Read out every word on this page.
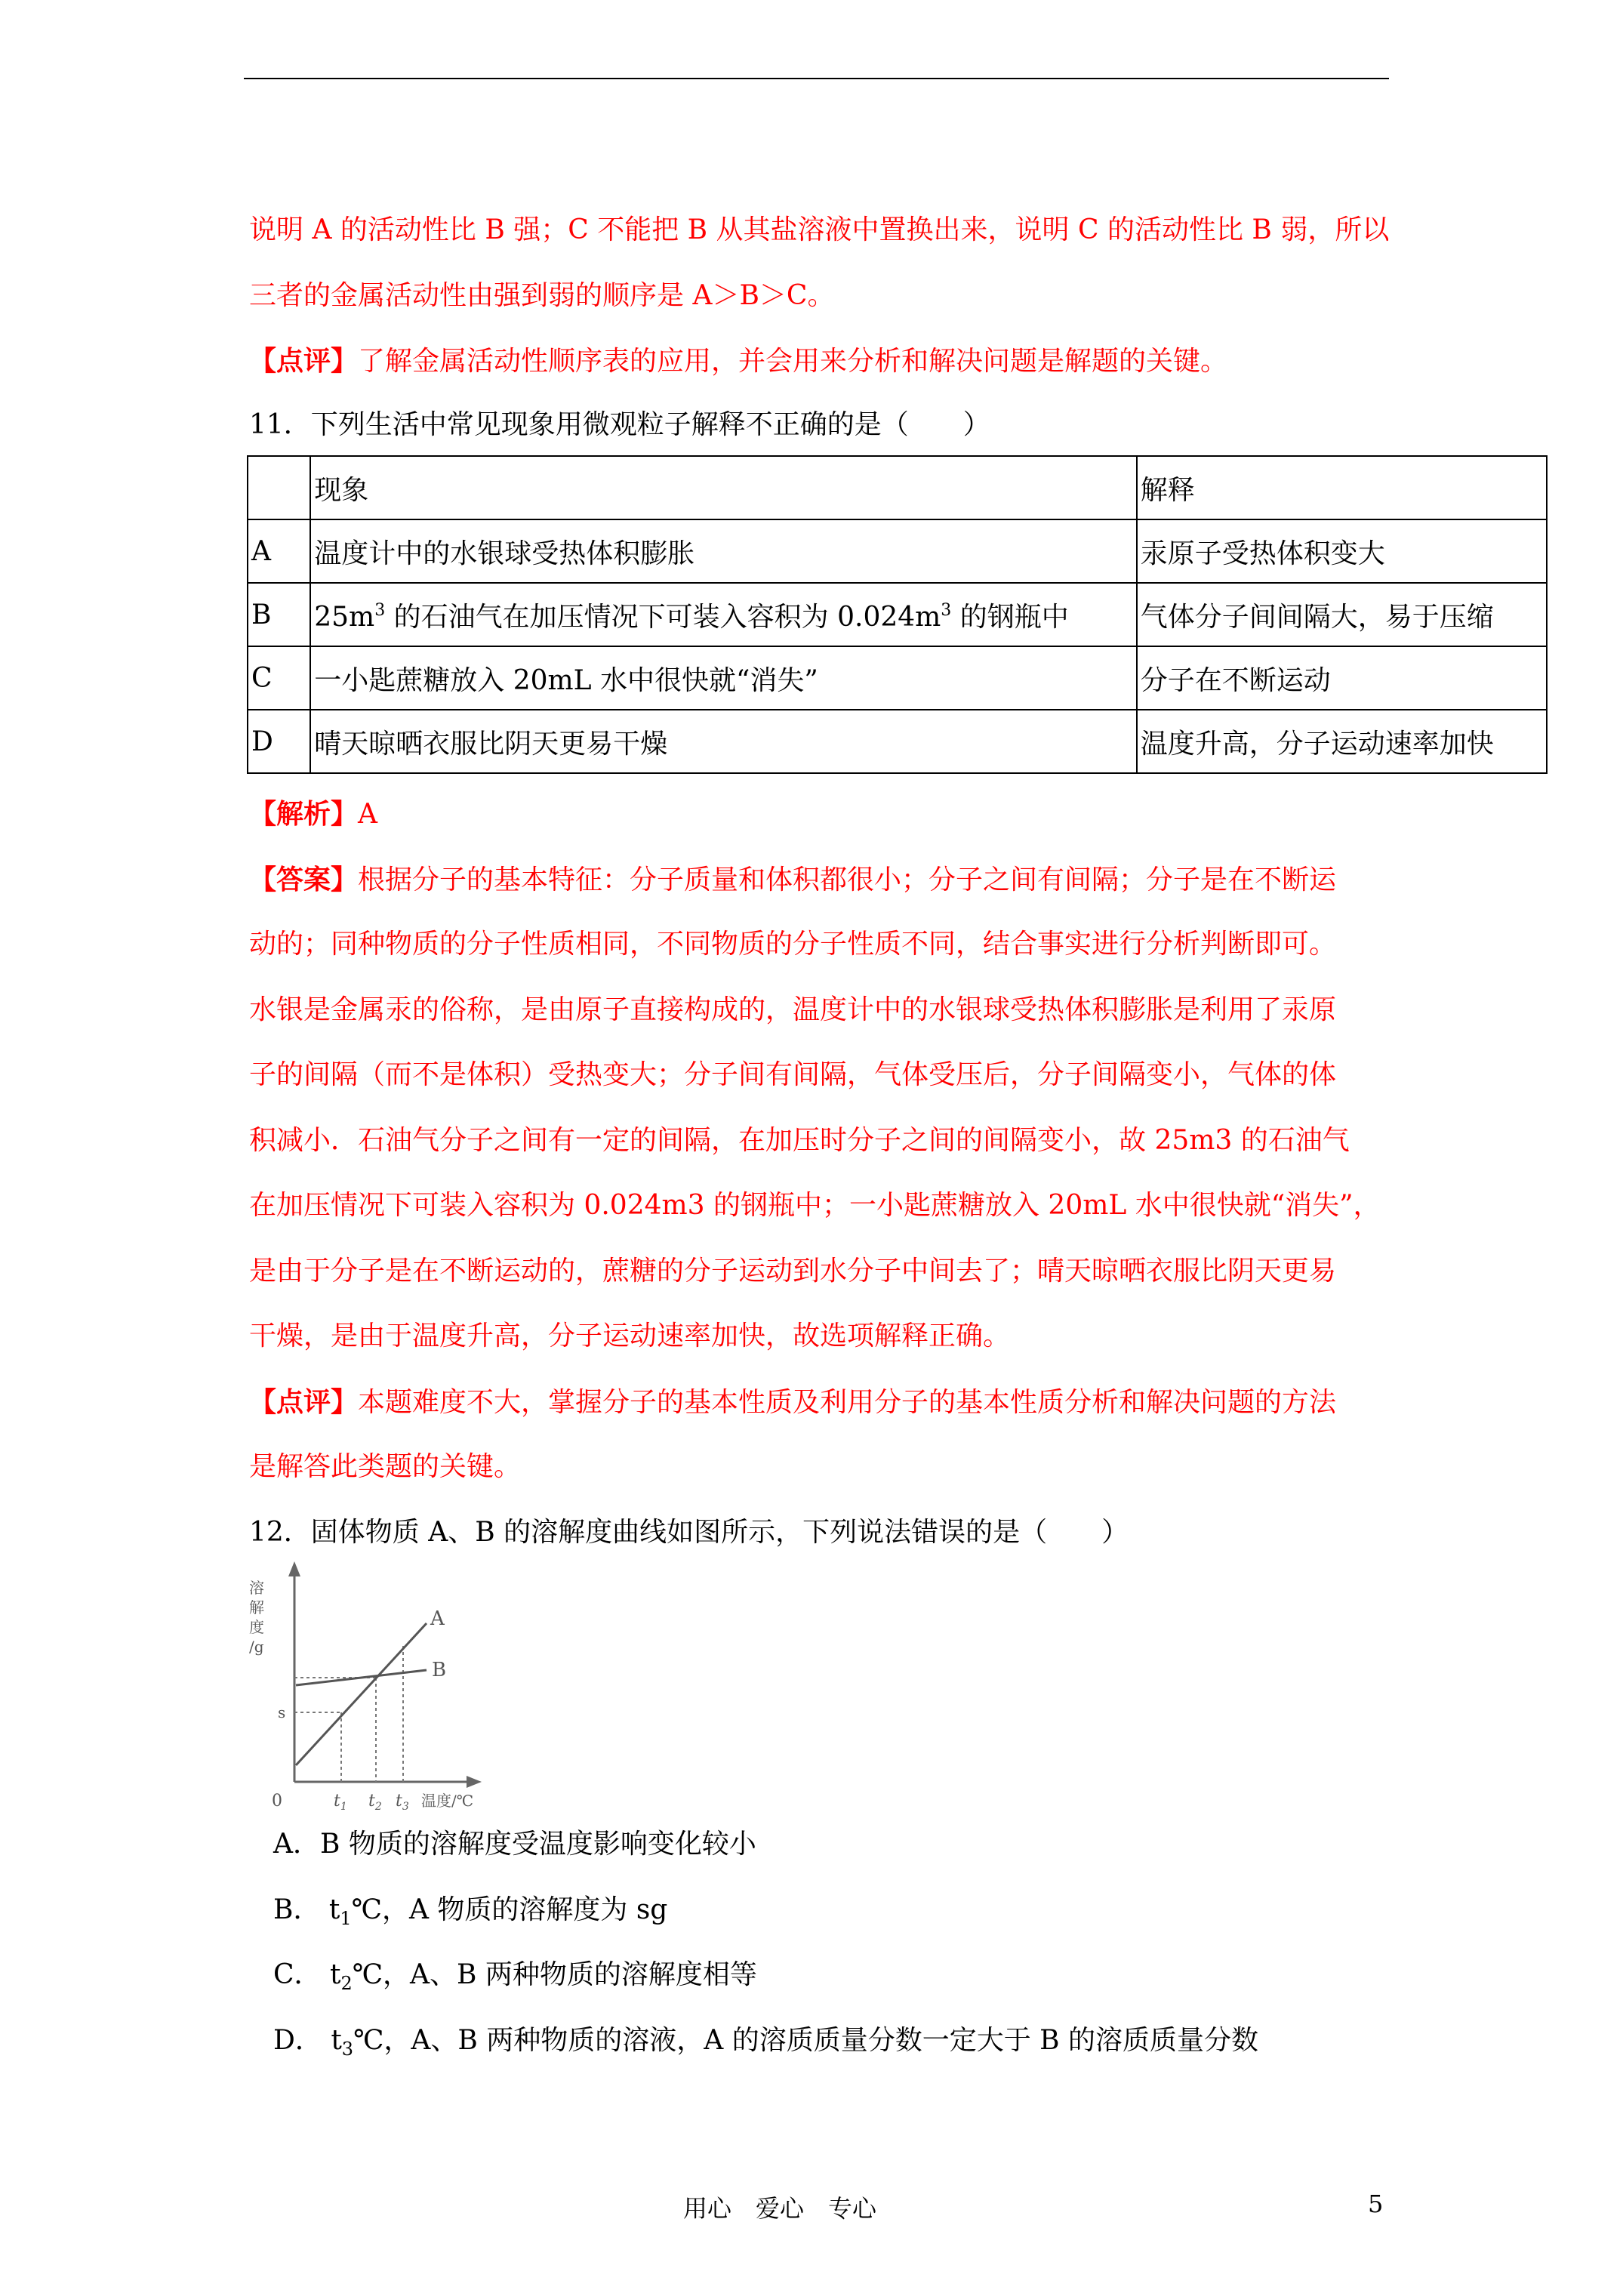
说明 A 的活动性比 B 强；C 不能把 B 从其盐溶液中置换出来，说明 C 的活动性比 B 弱，所以
三者的金属活动性由强到弱的顺序是 A＞B＞C。
【点评】了解金属活动性顺序表的应用，并会用来分析和解决问题是解题的关键。
11．下列生活中常见现象用微观粒子解释不正确的是（　　）
	现象	解释
A	温度计中的水银球受热体积膨胀	汞原子受热体积变大
B	$25m^3$ 的石油气在加压情况下可装入容积为 $0.024m^3$ 的钢瓶中	气体分子间间隔大，易于压缩
C	一小匙蔗糖放入 20mL 水中很快就“消失”	分子在不断运动
D	晴天晾晒衣服比阴天更易干燥	温度升高，分子运动速率加快
【解析】A
【答案】根据分子的基本特征：分子质量和体积都很小；分子之间有间隔；分子是在不断运
动的；同种物质的分子性质相同，不同物质的分子性质不同，结合事实进行分析判断即可。
水银是金属汞的俗称，是由原子直接构成的，温度计中的水银球受热体积膨胀是利用了汞原
子的间隔（而不是体积）受热变大；分子间有间隔，气体受压后，分子间隔变小，气体的体
积减小．石油气分子之间有一定的间隔，在加压时分子之间的间隔变小，故 25m3 的石油气
在加压情况下可装入容积为 0.024m3 的钢瓶中；一小匙蔗糖放入 20mL 水中很快就“消失”，
是由于分子是在不断运动的，蔗糖的分子运动到水分子中间去了；晴天晾晒衣服比阴天更易
干燥，是由于温度升高，分子运动速率加快，故选项解释正确。
【点评】本题难度不大，掌握分子的基本性质及利用分子的基本性质分析和解决问题的方法
是解答此类题的关键。
12．固体物质 A、B 的溶解度曲线如图所示，下列说法错误的是（　　）
溶
解
度
/g
s
0	$t_1$ $t_2$ $t_3$ 温度/℃
A
B
A．B 物质的溶解度受温度影响变化较小
B． $t_1℃$，A 物质的溶解度为 sg
C． $t_2℃$，A、B 两种物质的溶解度相等
D． $t_3℃$，A、B 两种物质的溶液，A 的溶质质量分数一定大于 B 的溶质质量分数
用心　爱心　专心	5
